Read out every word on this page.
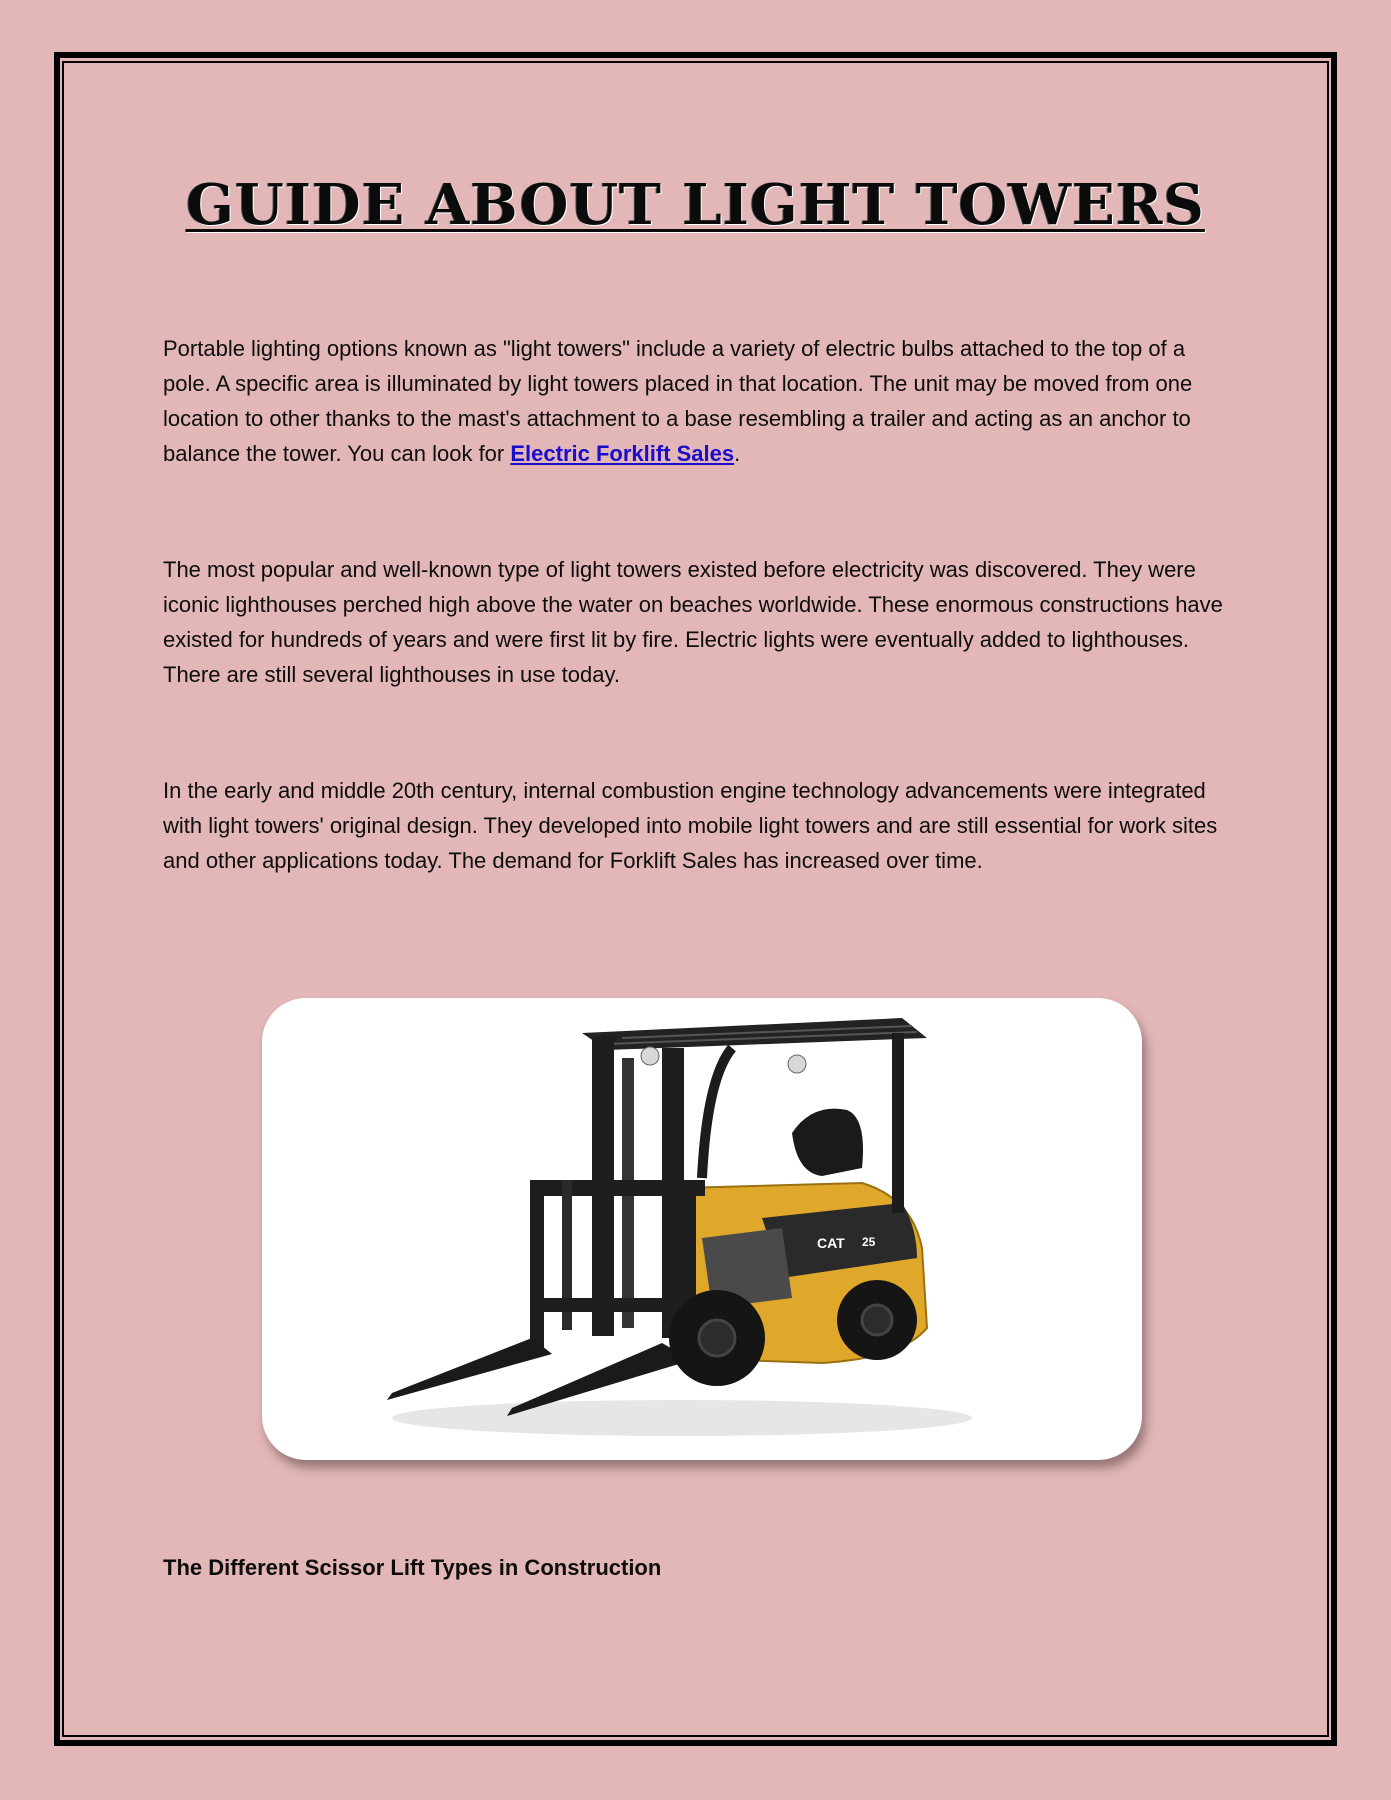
GUIDE ABOUT LIGHT TOWERS

Portable lighting options known as "light towers" include a variety of electric bulbs attached to the top of a pole. A specific area is illuminated by light towers placed in that location. The unit may be moved from one location to other thanks to the mast's attachment to a base resembling a trailer and acting as an anchor to balance the tower. You can look for Electric Forklift Sales.

The most popular and well-known type of light towers existed before electricity was discovered. They were iconic lighthouses perched high above the water on beaches worldwide. These enormous constructions have existed for hundreds of years and were first lit by fire. Electric lights were eventually added to lighthouses. There are still several lighthouses in use today.

In the early and middle 20th century, internal combustion engine technology advancements were integrated with light towers' original design. They developed into mobile light towers and are still essential for work sites and other applications today. The demand for Forklift Sales has increased over time.

CAT 25

The Different Scissor Lift Types in Construction
